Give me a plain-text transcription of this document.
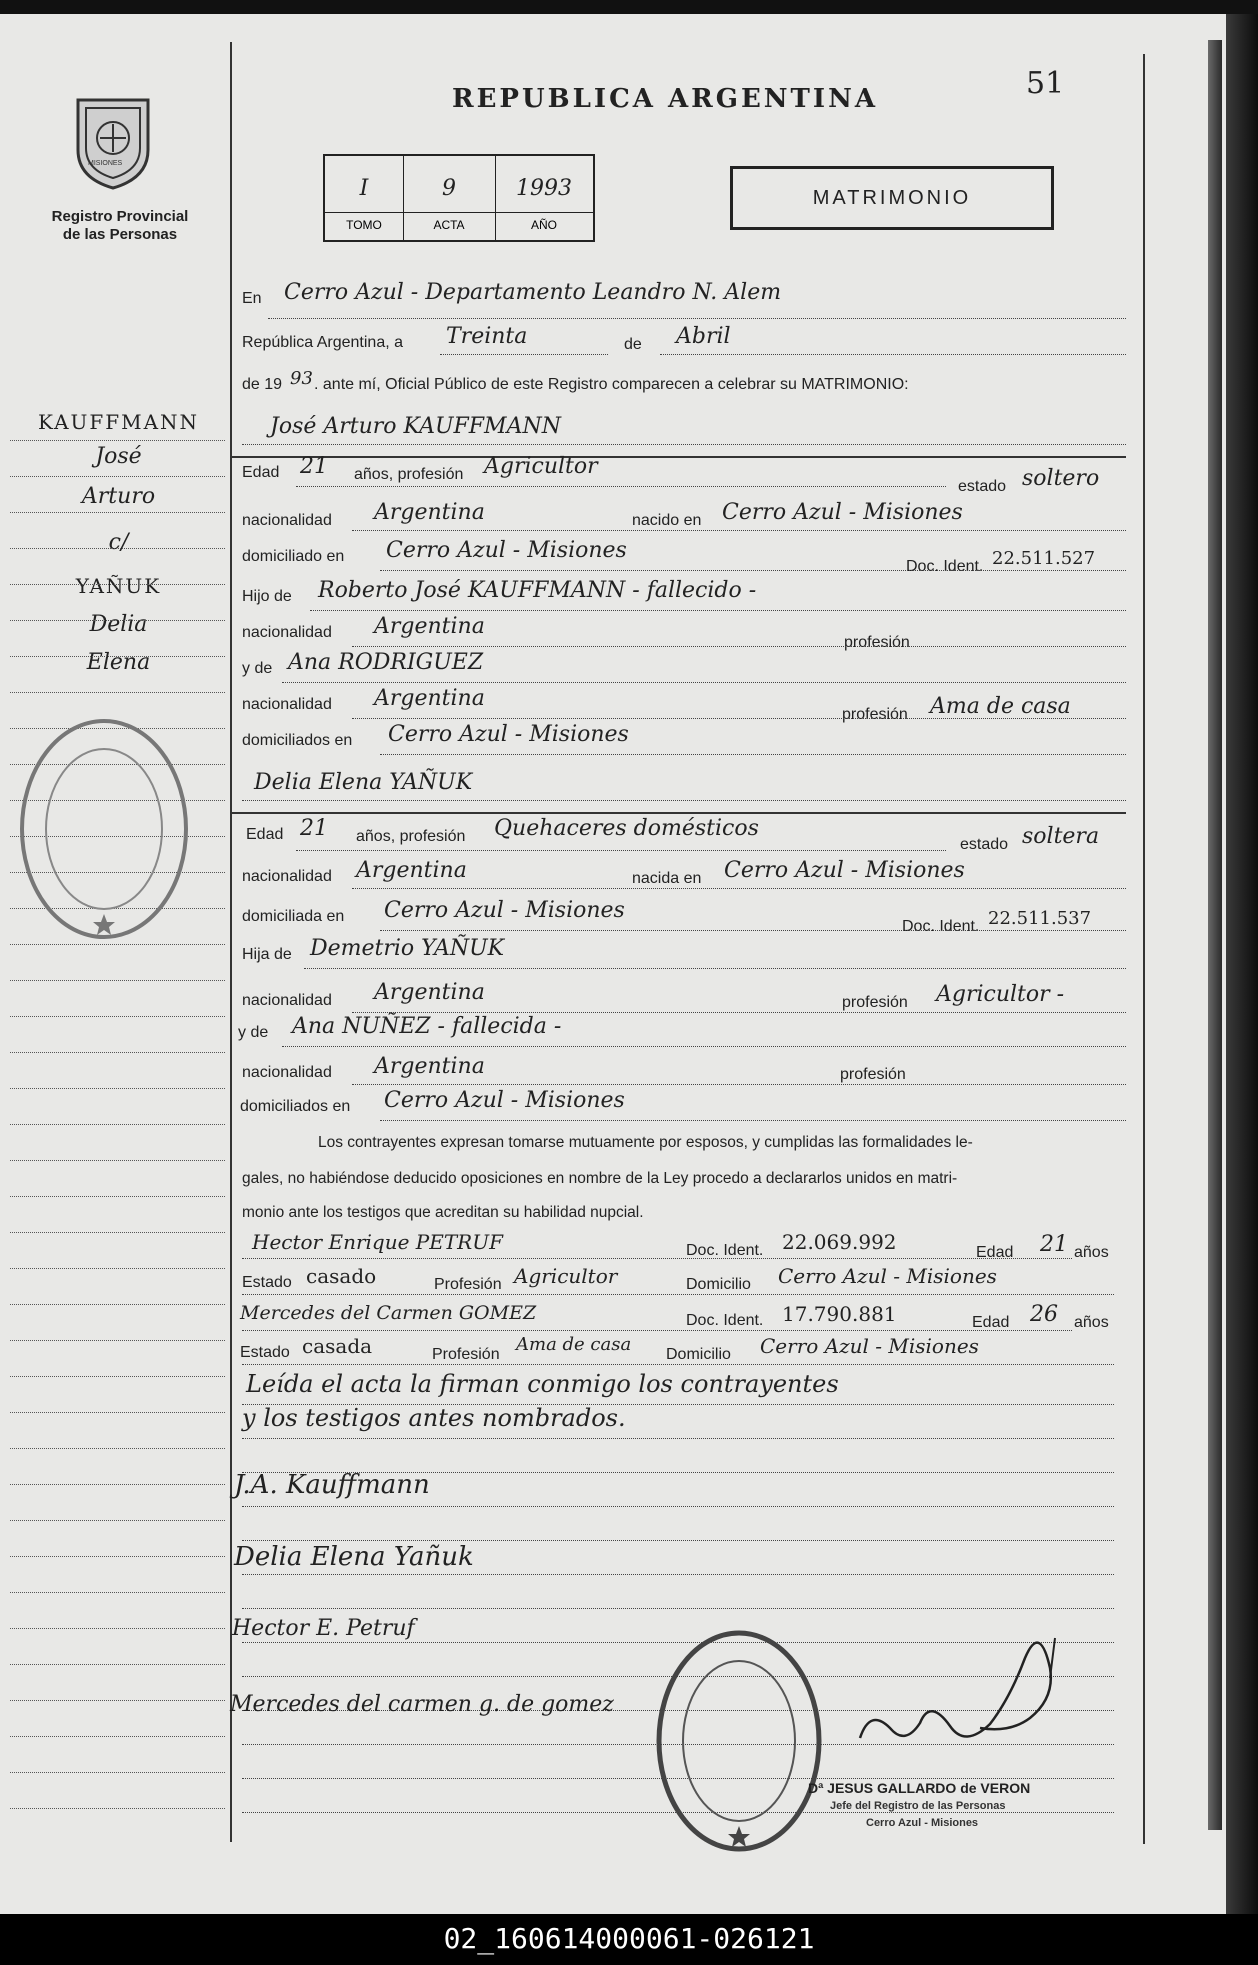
MISIONES
Registro Provincial
de las Personas
REPUBLICA ARGENTINA	51
I	9	1993
TOMO	ACTA	AÑO
MATRIMONIO
KAUFFMANN
José
Arturo
c/
YAÑUK
Delia
Elena
En Cerro Azul - Departamento Leandro N. Alem
República Argentina, a Treinta	de Abril
de 19 93 . ante mí, Oficial Público de este Registro comparecen a celebrar su MATRIMONIO:
José Arturo KAUFFMANN
Edad 21 años, profesión Agricultor
estado soltero
nacionalidad Argentina	nacido en Cerro Azul - Misiones
domiciliado en Cerro Azul - Misiones
Doc. Ident. 22.511.527
Hijo de Roberto José KAUFFMANN - fallecido -
nacionalidad Argentina
profesión
y de Ana RODRIGUEZ
nacionalidad Argentina
profesión Ama de casa
domiciliados en Cerro Azul - Misiones
Delia Elena YAÑUK
Edad 21 años, profesión Quehaceres domésticos
estado soltera
nacionalidad Argentina	nacida en Cerro Azul - Misiones
domiciliada en Cerro Azul - Misiones
Doc. Ident. 22.511.537
Hija de Demetrio YAÑUK
nacionalidad Argentina	profesión Agricultor -
y de Ana NUÑEZ - fallecida -
nacionalidad Argentina	profesión
domiciliados en Cerro Azul - Misiones
Los contrayentes expresan tomarse mutuamente por esposos, y cumplidas las formalidades le-
gales, no habiéndose deducido oposiciones en nombre de la Ley procedo a declararlos unidos en matri-
monio ante los testigos que acreditan su habilidad nupcial.
Hector Enrique PETRUF	Doc. Ident. 22.069.992	Edad 21 años
Estado casado	Profesión Agricultor	Domicilio Cerro Azul - Misiones
Mercedes del Carmen GOMEZ	Doc. Ident. 17.790.881	Edad 26 años
Estado casada	Profesión Ama de casa Domicilio Cerro Azul - Misiones
Leída el acta la firman conmigo los contrayentes
y los testigos antes nombrados.
J.A. Kauffmann
Delia Elena Yañuk
Hector E. Petruf
Mercedes del carmen g. de gomez
Dª JESUS GALLARDO de VERON
Jefe del Registro de las Personas
Cerro Azul - Misiones
02_160614000061-026121
